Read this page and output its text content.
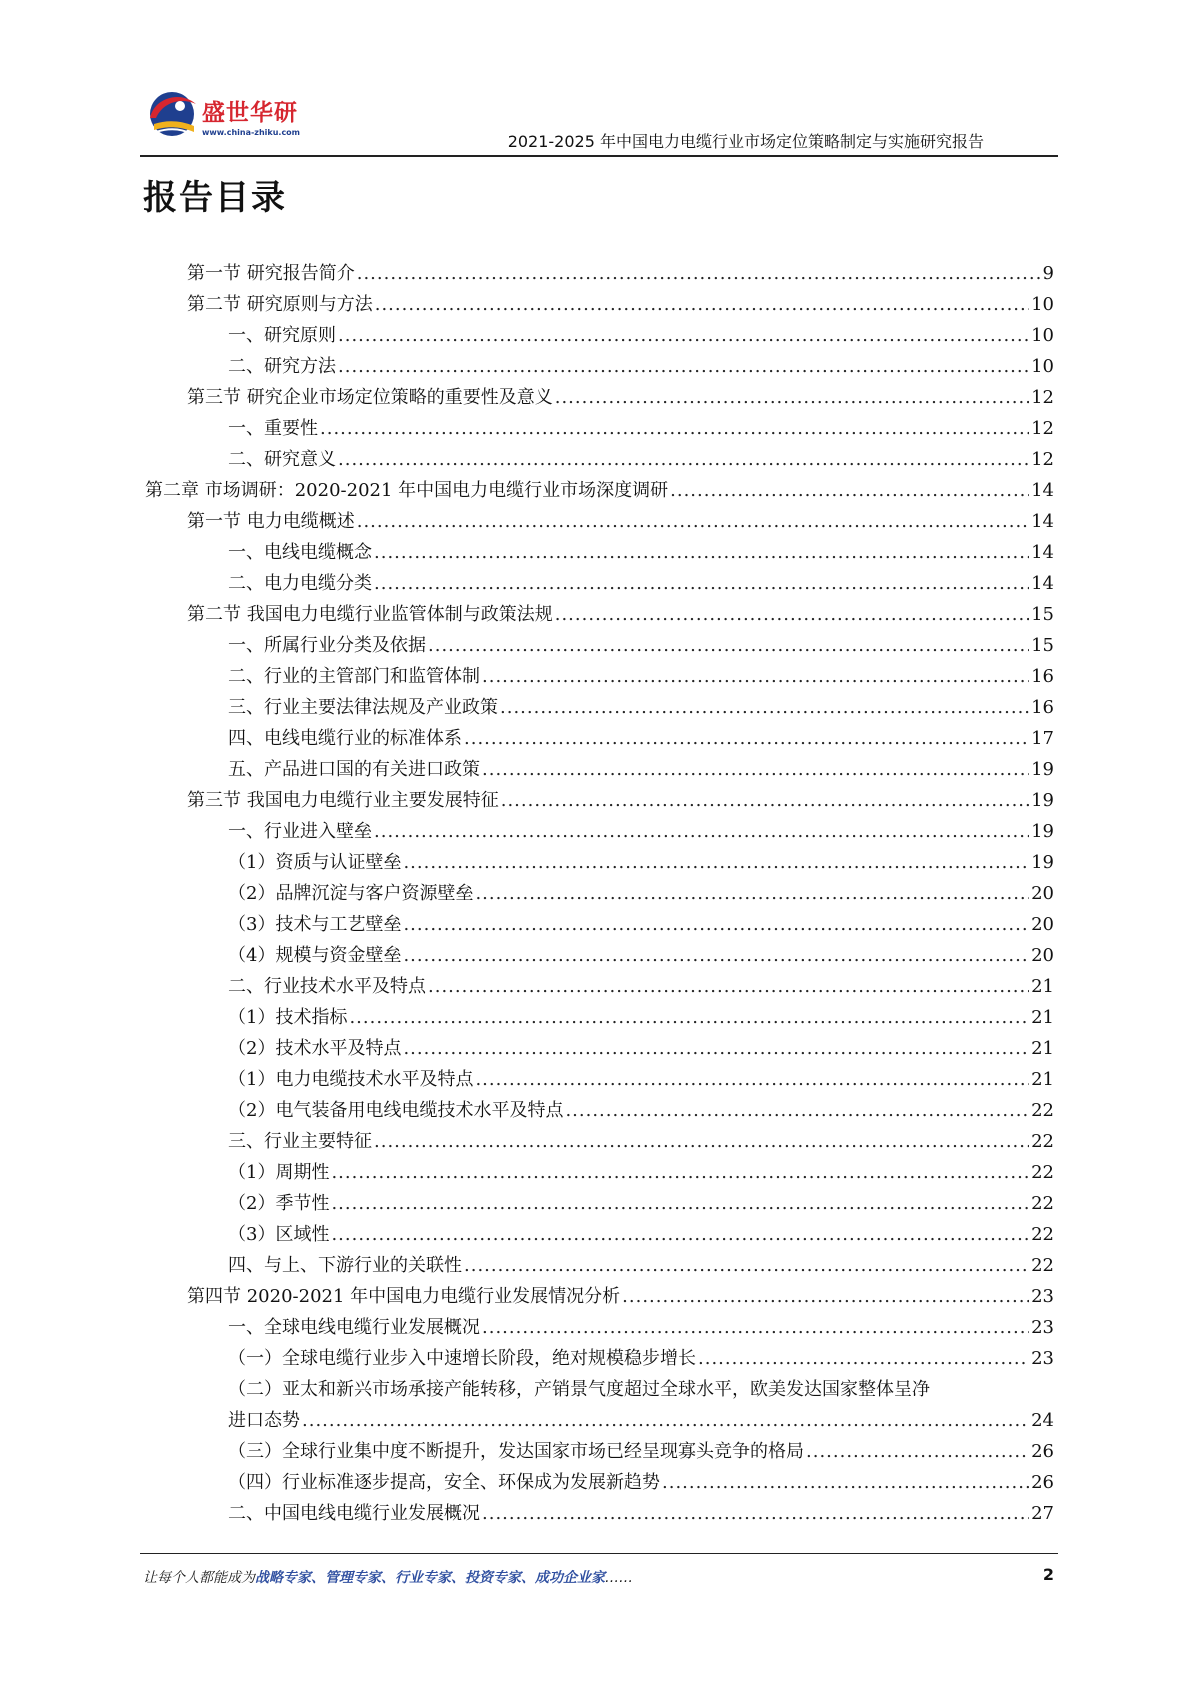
盛世华研
www.china-zhiku.com	2021-2025 年中国电力电缆行业市场定位策略制定与实施研究报告
报告目录
第一节 研究报告简介 .....	9
第二节 研究原则与方法 .....	10
一、研究原则 .....	10
二、研究方法 .....	10
第三节 研究企业市场定位策略的重要性及意义 .....	12
一、重要性 .....	12
二、研究意义 .....	12
第二章 市场调研：2020-2021 年中国电力电缆行业市场深度调研 .....	14
第一节 电力电缆概述 .....	14
一、电线电缆概念 .....	14
二、电力电缆分类 .....	14
第二节 我国电力电缆行业监管体制与政策法规 .....	15
一、所属行业分类及依据 .....	15
二、行业的主管部门和监管体制 .....	16
三、行业主要法律法规及产业政策 .....	16
四、电线电缆行业的标准体系 .....	17
五、产品进口国的有关进口政策 .....	19
第三节 我国电力电缆行业主要发展特征 .....	19
一、行业进入壁垒 .....	19
（1）资质与认证壁垒 .....	19
（2）品牌沉淀与客户资源壁垒 .....	20
（3）技术与工艺壁垒 .....	20
（4）规模与资金壁垒 .....	20
二、行业技术水平及特点 .....	21
（1）技术指标 .....	21
（2）技术水平及特点 .....	21
（1）电力电缆技术水平及特点 .....	21
（2）电气装备用电线电缆技术水平及特点 .....	22
三、行业主要特征 .....	22
（1）周期性 .....	22
（2）季节性 .....	22
（3）区域性 .....	22
四、与上、下游行业的关联性 .....	22
第四节 2020-2021 年中国电力电缆行业发展情况分析 .....	23
一、全球电线电缆行业发展概况 .....	23
（一）全球电缆行业步入中速增长阶段，绝对规模稳步增长 .....	23
（二）亚太和新兴市场承接产能转移，产销景气度超过全球水平，欧美发达国家整体呈净
进口态势 .....	24
（三）全球行业集中度不断提升，发达国家市场已经呈现寡头竞争的格局 .....	26
（四）行业标准逐步提高，安全、环保成为发展新趋势 .....	26
二、中国电线电缆行业发展概况 .....	27
让每个人都能成为战略专家、管理专家、行业专家、投资专家、成功企业家……	2
